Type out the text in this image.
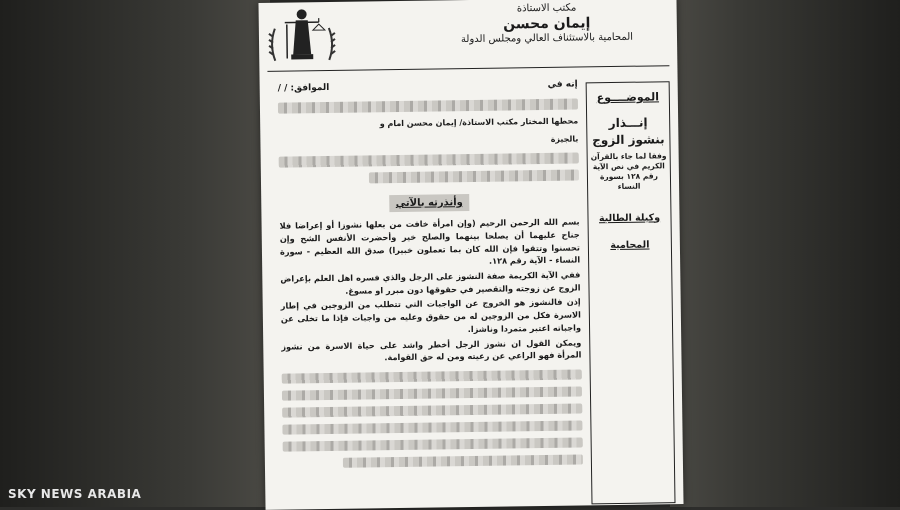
مكتب الاستاذة
إيمان محسن
المحامية بالاستئناف العالي ومجلس الدولة
الموضــــوع
إنـــذار
بنشوز الزوج
وفقا لما جاء بالقرآن الكريم في نص الآية رقم ١٢٨ بسورة النساء
وكيلة الطالبة
المحامية
إنه في
الموافق: / /
محطها المختار مكتب الاستاذة/ إيمان محسن امام و
بالجيزة
وأنذرته بالآتي

بسم الله الرحمن الرحيم (وإن امرأة خافت من بعلها نشوزا أو إعراضا فلا جناح عليهما أن يصلحا بينهما والصلح خير وأحضرت الأنفس الشح وإن تحسنوا وتتقوا فإن الله كان بما تعملون خبيرا) صدق الله العظيم - سورة النساء - الآية رقم ١٢٨.

ففي الآية الكريمة صفة النشوز على الرجل والذي فسره اهل العلم بإعراض الزوج عن زوجته والتقصير في حقوقها دون مبرر او مسوغ.

إذن فالنشوز هو الخروج عن الواجبات التي تتطلب من الزوجين في إطار الاسرة فكل من الزوجين له من حقوق وعليه من واجبات فإذا ما تخلى عن واجباته اعتبر متمردا وناشزا.

ويمكن القول ان نشوز الرجل أخطر واشد على حياة الاسرة من نشوز المرأة فهو الراعي عن رعيته ومن له حق القوامة.

SKY NEWS ARABIA
